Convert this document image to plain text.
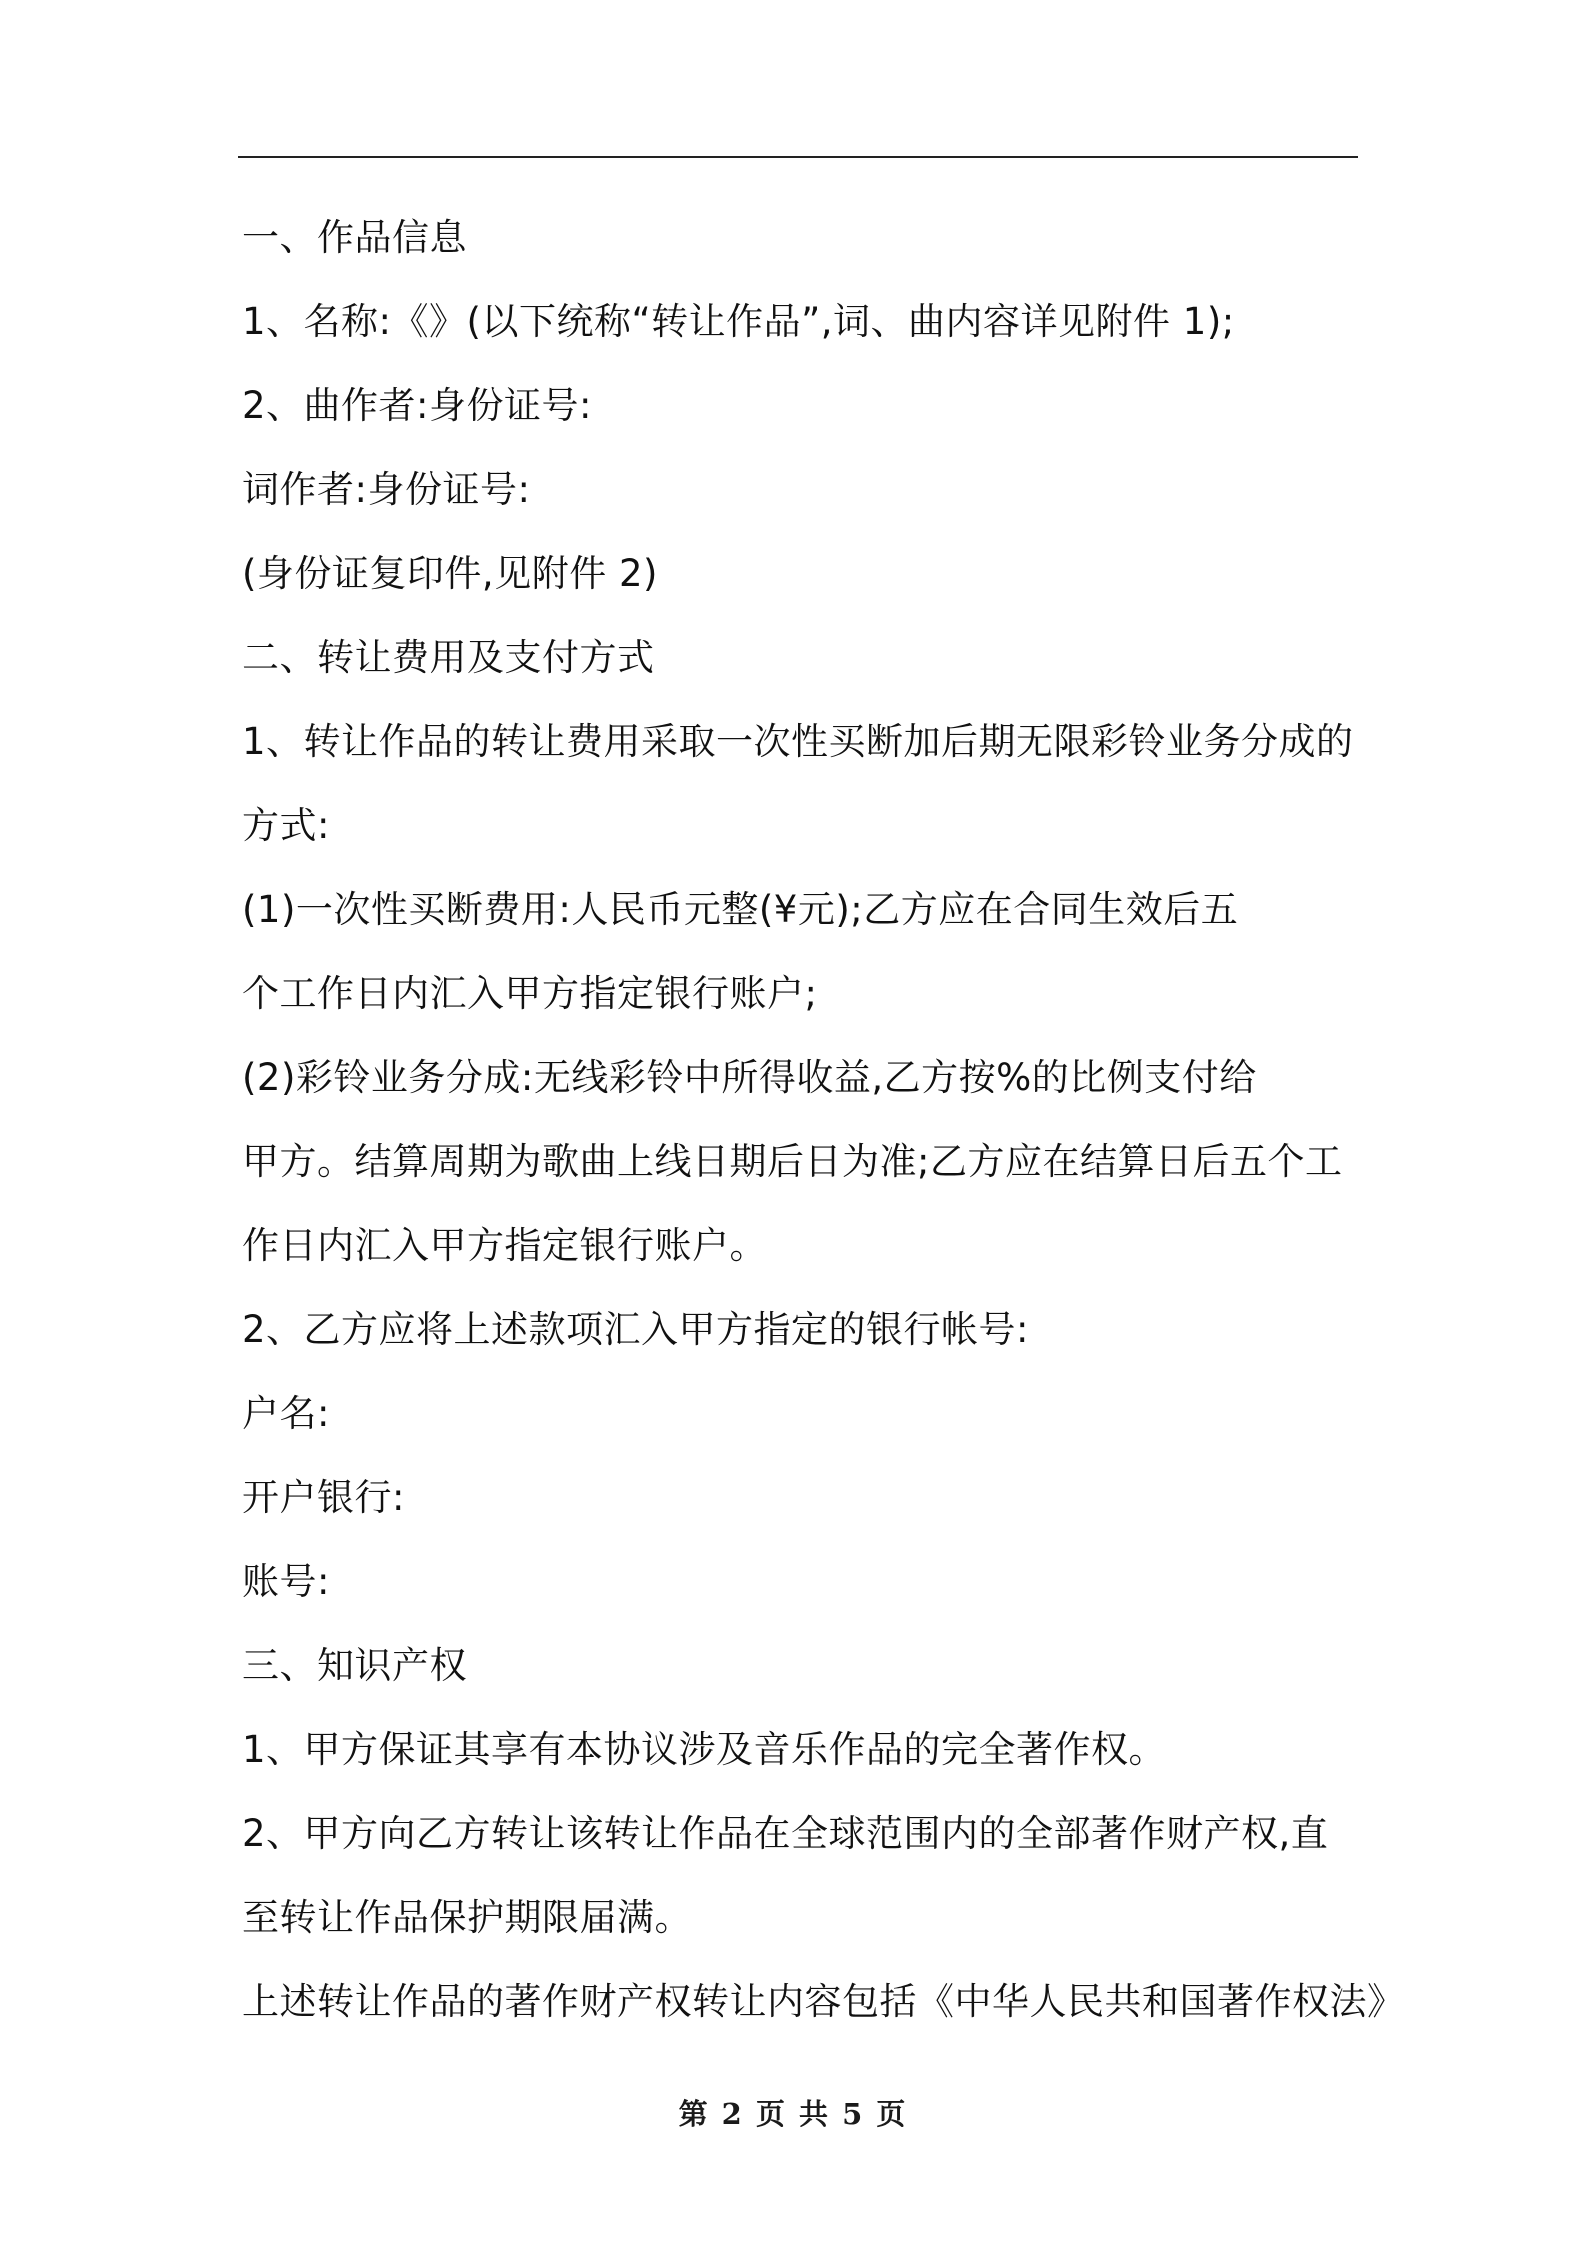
一、作品信息
1、名称:《》(以下统称“转让作品”,词、曲内容详见附件 1);
2、曲作者:身份证号:
词作者:身份证号:
(身份证复印件,见附件 2)
二、转让费用及支付方式
1、转让作品的转让费用采取一次性买断加后期无限彩铃业务分成的
方式:
(1)一次性买断费用:人民币元整(¥元);乙方应在合同生效后五
个工作日内汇入甲方指定银行账户;
(2)彩铃业务分成:无线彩铃中所得收益,乙方按%的比例支付给
甲方。结算周期为歌曲上线日期后日为准;乙方应在结算日后五个工
作日内汇入甲方指定银行账户。
2、乙方应将上述款项汇入甲方指定的银行帐号:
户名:
开户银行:
账号:
三、知识产权
1、甲方保证其享有本协议涉及音乐作品的完全著作权。
2、甲方向乙方转让该转让作品在全球范围内的全部著作财产权,直
至转让作品保护期限届满。
上述转让作品的著作财产权转让内容包括《中华人民共和国著作权法》
第 2 页 共 5 页
